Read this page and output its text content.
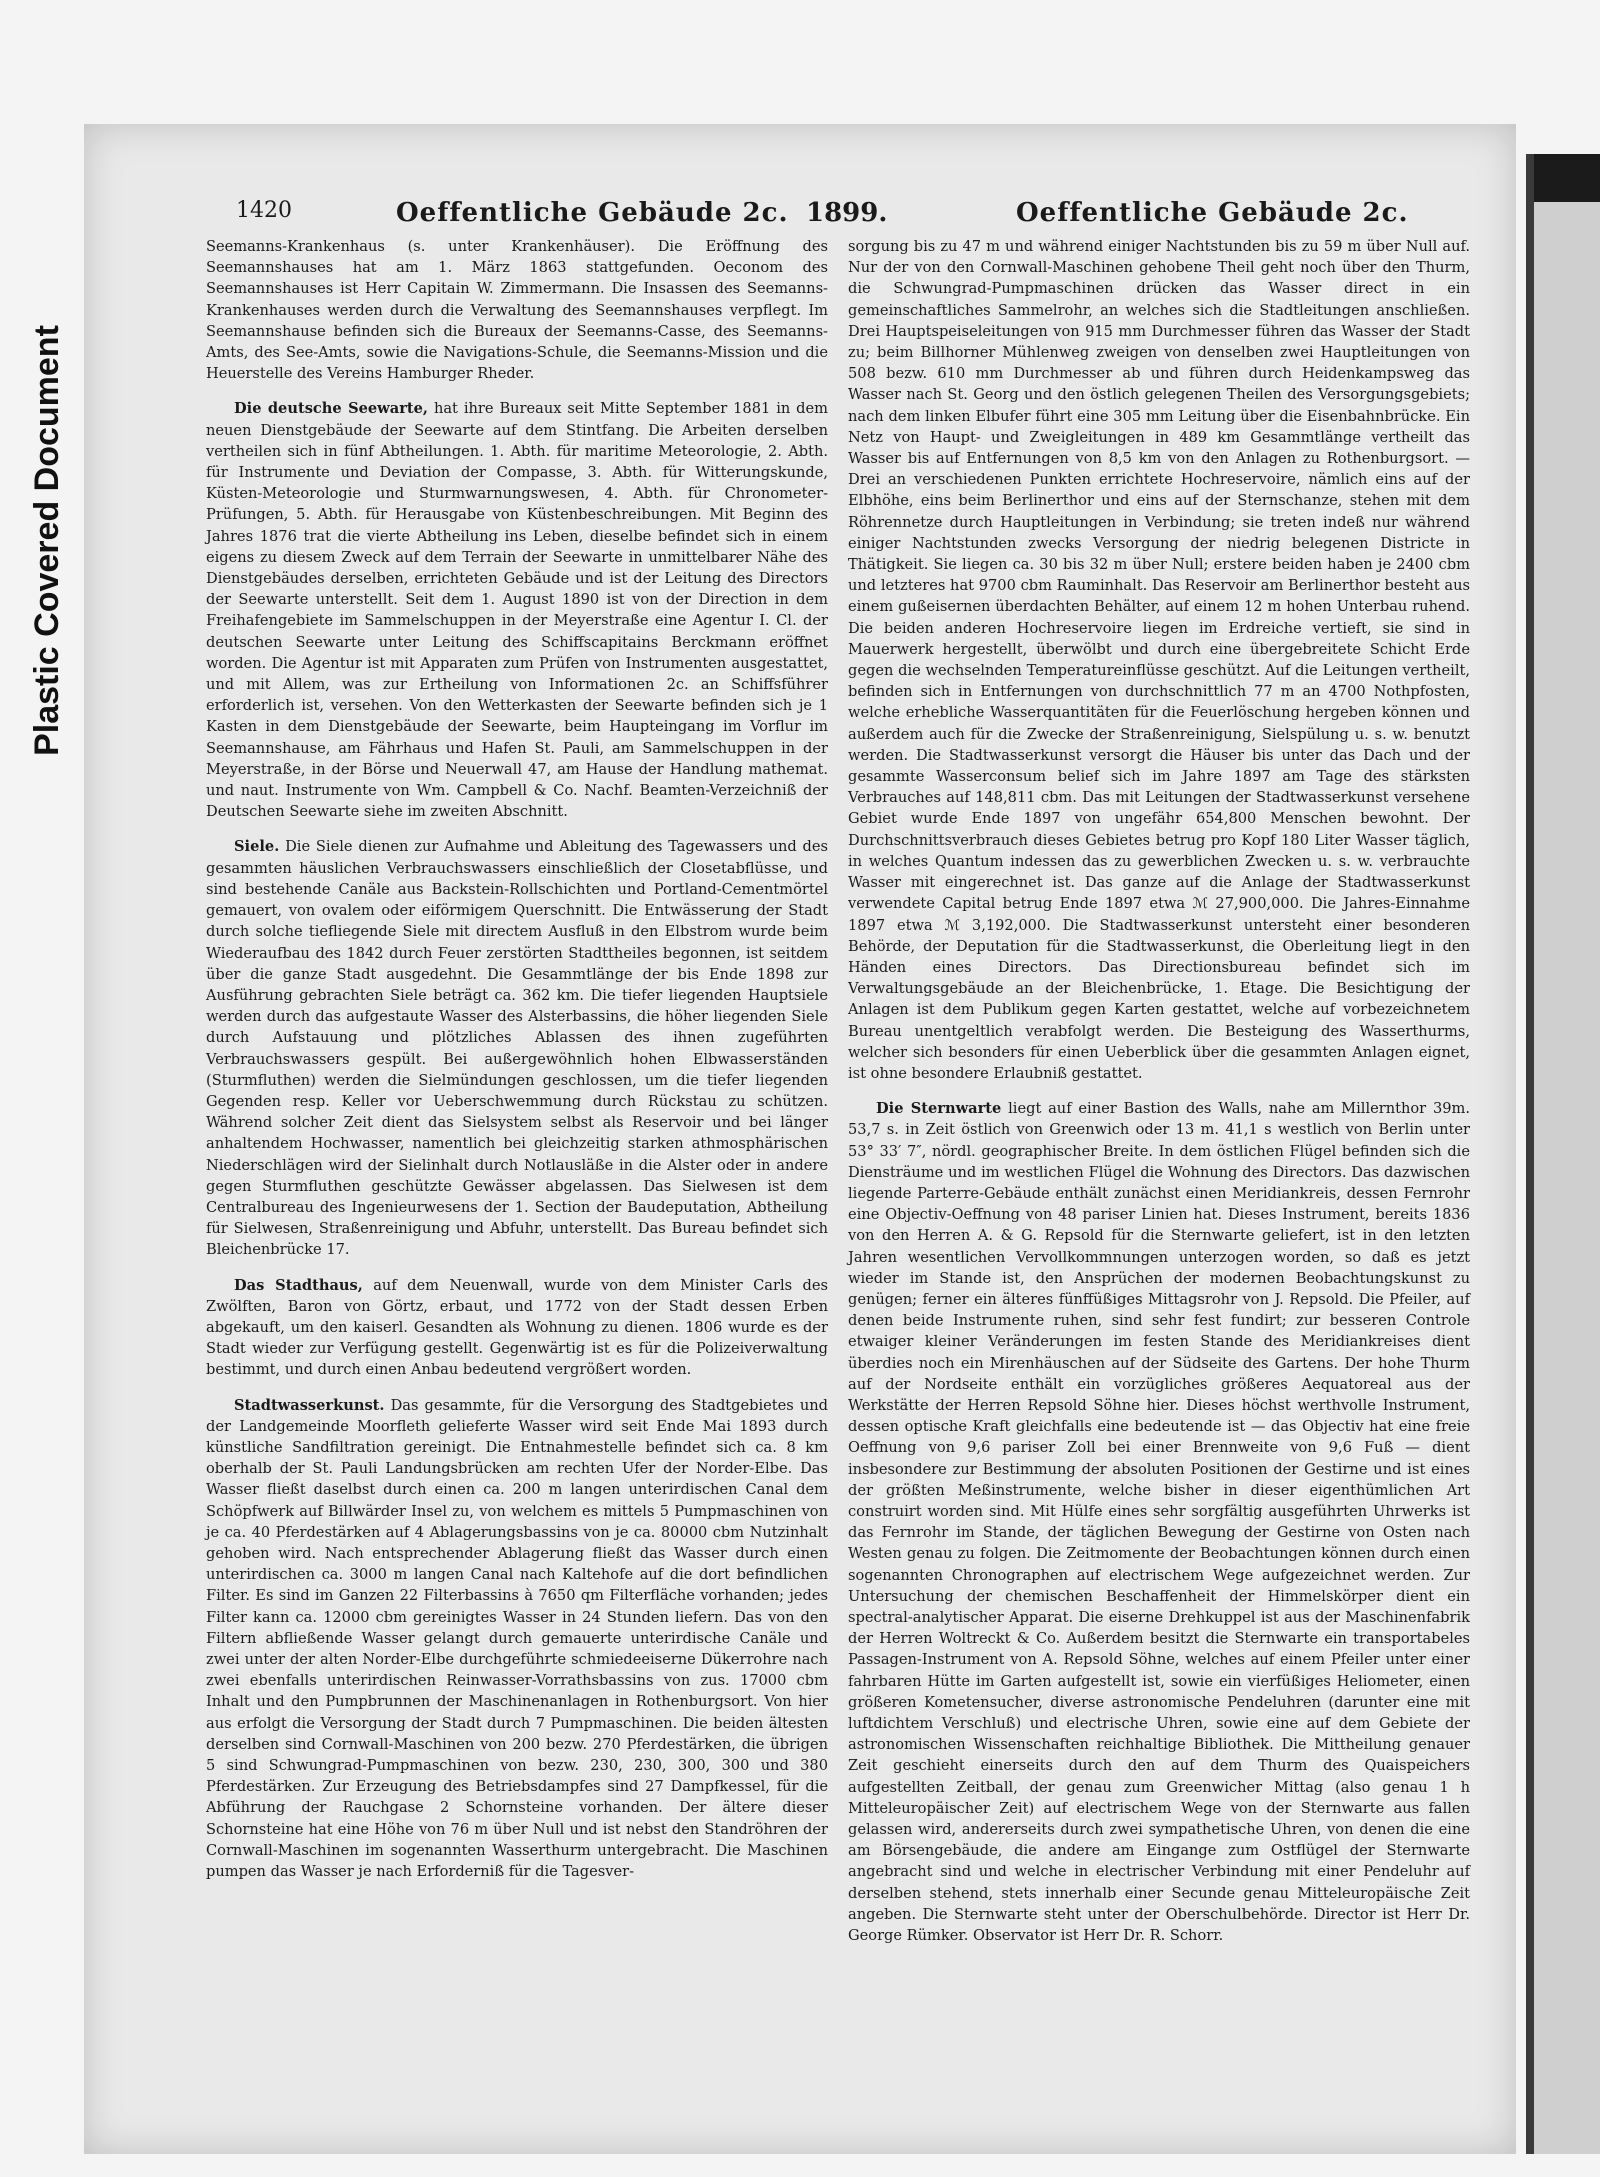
Plastic Covered Document
1420	Oeffentliche Gebäude 2c. 1899.	Oeffentliche Gebäude 2c.

Seemanns-Krankenhaus (s. unter Krankenhäuser). Die Eröffnung des Seemannshauses hat am 1. März 1863 stattgefunden. Oeconom des Seemannshauses ist Herr Capitain W. Zimmermann. Die Insassen des Seemanns-Krankenhauses werden durch die Verwaltung des Seemannshauses verpflegt. Im Seemannshause befinden sich die Bureaux der Seemanns-Casse, des Seemanns-Amts, des See-Amts, sowie die Navigations-Schule, die Seemanns-Mission und die Heuerstelle des Vereins Hamburger Rheder.

Die deutsche Seewarte, hat ihre Bureaux seit Mitte September 1881 in dem neuen Dienstgebäude der Seewarte auf dem Stintfang. Die Arbeiten derselben vertheilen sich in fünf Abtheilungen. 1. Abth. für maritime Meteorologie, 2. Abth. für Instrumente und Deviation der Compasse, 3. Abth. für Witterungskunde, Küsten-Meteorologie und Sturmwarnungswesen, 4. Abth. für Chronometer-Prüfungen, 5. Abth. für Herausgabe von Küstenbeschreibungen. Mit Beginn des Jahres 1876 trat die vierte Abtheilung ins Leben, dieselbe befindet sich in einem eigens zu diesem Zweck auf dem Terrain der Seewarte in unmittelbarer Nähe des Dienstgebäudes derselben, errichteten Gebäude und ist der Leitung des Directors der Seewarte unterstellt. Seit dem 1. August 1890 ist von der Direction in dem Freihafengebiete im Sammelschuppen in der Meyerstraße eine Agentur I. Cl. der deutschen Seewarte unter Leitung des Schiffscapitains Berckmann eröffnet worden. Die Agentur ist mit Apparaten zum Prüfen von Instrumenten ausgestattet, und mit Allem, was zur Ertheilung von Informationen 2c. an Schiffsführer erforderlich ist, versehen. Von den Wetterkasten der Seewarte befinden sich je 1 Kasten in dem Dienstgebäude der Seewarte, beim Haupteingang im Vorflur im Seemannshause, am Fährhaus und Hafen St. Pauli, am Sammelschuppen in der Meyerstraße, in der Börse und Neuerwall 47, am Hause der Handlung mathemat. und naut. Instrumente von Wm. Campbell & Co. Nachf. Beamten-Verzeichniß der Deutschen Seewarte siehe im zweiten Abschnitt.

Siele. Die Siele dienen zur Aufnahme und Ableitung des Tagewassers und des gesammten häuslichen Verbrauchswassers einschließlich der Closetabflüsse, und sind bestehende Canäle aus Backstein-Rollschichten und Portland-Cementmörtel gemauert, von ovalem oder eiförmigem Querschnitt. Die Entwässerung der Stadt durch solche tiefliegende Siele mit directem Ausfluß in den Elbstrom wurde beim Wiederaufbau des 1842 durch Feuer zerstörten Stadttheiles begonnen, ist seitdem über die ganze Stadt ausgedehnt. Die Gesammtlänge der bis Ende 1898 zur Ausführung gebrachten Siele beträgt ca. 362 km. Die tiefer liegenden Hauptsiele werden durch das aufgestaute Wasser des Alsterbassins, die höher liegenden Siele durch Aufstauung und plötzliches Ablassen des ihnen zugeführten Verbrauchswassers gespült. Bei außergewöhnlich hohen Elbwasserständen (Sturmfluthen) werden die Sielmündungen geschlossen, um die tiefer liegenden Gegenden resp. Keller vor Ueberschwemmung durch Rückstau zu schützen. Während solcher Zeit dient das Sielsystem selbst als Reservoir und bei länger anhaltendem Hochwasser, namentlich bei gleichzeitig starken athmosphärischen Niederschlägen wird der Sielinhalt durch Notlausläße in die Alster oder in andere gegen Sturmfluthen geschützte Gewässer abgelassen. Das Sielwesen ist dem Centralbureau des Ingenieurwesens der 1. Section der Baudeputation, Abtheilung für Sielwesen, Straßenreinigung und Abfuhr, unterstellt. Das Bureau befindet sich Bleichenbrücke 17.

Das Stadthaus, auf dem Neuenwall, wurde von dem Minister Carls des Zwölften, Baron von Görtz, erbaut, und 1772 von der Stadt dessen Erben abgekauft, um den kaiserl. Gesandten als Wohnung zu dienen. 1806 wurde es der Stadt wieder zur Verfügung gestellt. Gegenwärtig ist es für die Polizeiverwaltung bestimmt, und durch einen Anbau bedeutend vergrößert worden.

Stadtwasserkunst. Das gesammte, für die Versorgung des Stadtgebietes und der Landgemeinde Moorfleth gelieferte Wasser wird seit Ende Mai 1893 durch künstliche Sandfiltration gereinigt. Die Entnahmestelle befindet sich ca. 8 km oberhalb der St. Pauli Landungsbrücken am rechten Ufer der Norder-Elbe. Das Wasser fließt daselbst durch einen ca. 200 m langen unterirdischen Canal dem Schöpfwerk auf Billwärder Insel zu, von welchem es mittels 5 Pumpmaschinen von je ca. 40 Pferdestärken auf 4 Ablagerungsbassins von je ca. 80000 cbm Nutzinhalt gehoben wird. Nach entsprechender Ablagerung fließt das Wasser durch einen unterirdischen ca. 3000 m langen Canal nach Kaltehofe auf die dort befindlichen Filter. Es sind im Ganzen 22 Filterbassins à 7650 qm Filterfläche vorhanden; jedes Filter kann ca. 12000 cbm gereinigtes Wasser in 24 Stunden liefern. Das von den Filtern abfließende Wasser gelangt durch gemauerte unterirdische Canäle und zwei unter der alten Norder-Elbe durchgeführte schmiedeeiserne Dükerrohre nach zwei ebenfalls unterirdischen Reinwasser-Vorrathsbassins von zus. 17000 cbm Inhalt und den Pumpbrunnen der Maschinenanlagen in Rothenburgsort. Von hier aus erfolgt die Versorgung der Stadt durch 7 Pumpmaschinen. Die beiden ältesten derselben sind Cornwall-Maschinen von 200 bezw. 270 Pferdestärken, die übrigen 5 sind Schwungrad-Pumpmaschinen von bezw. 230, 230, 300, 300 und 380 Pferdestärken. Zur Erzeugung des Betriebsdampfes sind 27 Dampfkessel, für die Abführung der Rauchgase 2 Schornsteine vorhanden. Der ältere dieser Schornsteine hat eine Höhe von 76 m über Null und ist nebst den Standröhren der Cornwall-Maschinen im sogenannten Wasserthurm untergebracht. Die Maschinen pumpen das Wasser je nach Erforderniß für die Tagesver-

sorgung bis zu 47 m und während einiger Nachtstunden bis zu 59 m über Null auf. Nur der von den Cornwall-Maschinen gehobene Theil geht noch über den Thurm, die Schwungrad-Pumpmaschinen drücken das Wasser direct in ein gemeinschaftliches Sammelrohr, an welches sich die Stadtleitungen anschließen. Drei Hauptspeiseleitungen von 915 mm Durchmesser führen das Wasser der Stadt zu; beim Billhorner Mühlenweg zweigen von denselben zwei Hauptleitungen von 508 bezw. 610 mm Durchmesser ab und führen durch Heidenkampsweg das Wasser nach St. Georg und den östlich gelegenen Theilen des Versorgungsgebiets; nach dem linken Elbufer führt eine 305 mm Leitung über die Eisenbahnbrücke. Ein Netz von Haupt- und Zweigleitungen in 489 km Gesammtlänge vertheilt das Wasser bis auf Entfernungen von 8,5 km von den Anlagen zu Rothenburgsort. — Drei an verschiedenen Punkten errichtete Hochreservoire, nämlich eins auf der Elbhöhe, eins beim Berlinerthor und eins auf der Sternschanze, stehen mit dem Röhrennetze durch Hauptleitungen in Verbindung; sie treten indeß nur während einiger Nachtstunden zwecks Versorgung der niedrig belegenen Districte in Thätigkeit. Sie liegen ca. 30 bis 32 m über Null; erstere beiden haben je 2400 cbm und letzteres hat 9700 cbm Rauminhalt. Das Reservoir am Berlinerthor besteht aus einem gußeisernen überdachten Behälter, auf einem 12 m hohen Unterbau ruhend. Die beiden anderen Hochreservoire liegen im Erdreiche vertieft, sie sind in Mauerwerk hergestellt, überwölbt und durch eine übergebreitete Schicht Erde gegen die wechselnden Temperatureinflüsse geschützt. Auf die Leitungen vertheilt, befinden sich in Entfernungen von durchschnittlich 77 m an 4700 Nothpfosten, welche erhebliche Wasserquantitäten für die Feuerlöschung hergeben können und außerdem auch für die Zwecke der Straßenreinigung, Sielspülung u. s. w. benutzt werden. Die Stadtwasserkunst versorgt die Häuser bis unter das Dach und der gesammte Wasserconsum belief sich im Jahre 1897 am Tage des stärksten Verbrauches auf 148,811 cbm. Das mit Leitungen der Stadtwasserkunst versehene Gebiet wurde Ende 1897 von ungefähr 654,800 Menschen bewohnt. Der Durchschnittsverbrauch dieses Gebietes betrug pro Kopf 180 Liter Wasser täglich, in welches Quantum indessen das zu gewerblichen Zwecken u. s. w. verbrauchte Wasser mit eingerechnet ist. Das ganze auf die Anlage der Stadtwasserkunst verwendete Capital betrug Ende 1897 etwa ℳ 27,900,000. Die Jahres-Einnahme 1897 etwa ℳ 3,192,000. Die Stadtwasserkunst untersteht einer besonderen Behörde, der Deputation für die Stadtwasserkunst, die Oberleitung liegt in den Händen eines Directors. Das Directionsbureau befindet sich im Verwaltungsgebäude an der Bleichenbrücke, 1. Etage. Die Besichtigung der Anlagen ist dem Publikum gegen Karten gestattet, welche auf vorbezeichnetem Bureau unentgeltlich verabfolgt werden. Die Besteigung des Wasserthurms, welcher sich besonders für einen Ueberblick über die gesammten Anlagen eignet, ist ohne besondere Erlaubniß gestattet.

Die Sternwarte liegt auf einer Bastion des Walls, nahe am Millernthor 39m. 53,7 s. in Zeit östlich von Greenwich oder 13 m. 41,1 s westlich von Berlin unter 53° 33′ 7″, nördl. geographischer Breite. In dem östlichen Flügel befinden sich die Diensträume und im westlichen Flügel die Wohnung des Directors. Das dazwischen liegende Parterre-Gebäude enthält zunächst einen Meridiankreis, dessen Fernrohr eine Objectiv-Oeffnung von 48 pariser Linien hat. Dieses Instrument, bereits 1836 von den Herren A. & G. Repsold für die Sternwarte geliefert, ist in den letzten Jahren wesentlichen Vervollkommnungen unterzogen worden, so daß es jetzt wieder im Stande ist, den Ansprüchen der modernen Beobachtungskunst zu genügen; ferner ein älteres fünffüßiges Mittagsrohr von J. Repsold. Die Pfeiler, auf denen beide Instrumente ruhen, sind sehr fest fundirt; zur besseren Controle etwaiger kleiner Veränderungen im festen Stande des Meridiankreises dient überdies noch ein Mirenhäuschen auf der Südseite des Gartens. Der hohe Thurm auf der Nordseite enthält ein vorzügliches größeres Aequatoreal aus der Werkstätte der Herren Repsold Söhne hier. Dieses höchst werthvolle Instrument, dessen optische Kraft gleichfalls eine bedeutende ist — das Objectiv hat eine freie Oeffnung von 9,6 pariser Zoll bei einer Brennweite von 9,6 Fuß — dient insbesondere zur Bestimmung der absoluten Positionen der Gestirne und ist eines der größten Meßinstrumente, welche bisher in dieser eigenthümlichen Art construirt worden sind. Mit Hülfe eines sehr sorgfältig ausgeführten Uhrwerks ist das Fernrohr im Stande, der täglichen Bewegung der Gestirne von Osten nach Westen genau zu folgen. Die Zeitmomente der Beobachtungen können durch einen sogenannten Chronographen auf electrischem Wege aufgezeichnet werden. Zur Untersuchung der chemischen Beschaffenheit der Himmelskörper dient ein spectral-analytischer Apparat. Die eiserne Drehkuppel ist aus der Maschinenfabrik der Herren Woltreckt & Co. Außerdem besitzt die Sternwarte ein transportabeles Passagen-Instrument von A. Repsold Söhne, welches auf einem Pfeiler unter einer fahrbaren Hütte im Garten aufgestellt ist, sowie ein vierfüßiges Heliometer, einen größeren Kometensucher, diverse astronomische Pendeluhren (darunter eine mit luftdichtem Verschluß) und electrische Uhren, sowie eine auf dem Gebiete der astronomischen Wissenschaften reichhaltige Bibliothek. Die Mittheilung genauer Zeit geschieht einerseits durch den auf dem Thurm des Quaispeichers aufgestellten Zeitball, der genau zum Greenwicher Mittag (also genau 1 h Mitteleuropäischer Zeit) auf electrischem Wege von der Sternwarte aus fallen gelassen wird, andererseits durch zwei sympathetische Uhren, von denen die eine am Börsengebäude, die andere am Eingange zum Ostflügel der Sternwarte angebracht sind und welche in electrischer Verbindung mit einer Pendeluhr auf derselben stehend, stets innerhalb einer Secunde genau Mitteleuropäische Zeit angeben. Die Sternwarte steht unter der Oberschulbehörde. Director ist Herr Dr. George Rümker. Observator ist Herr Dr. R. Schorr.
